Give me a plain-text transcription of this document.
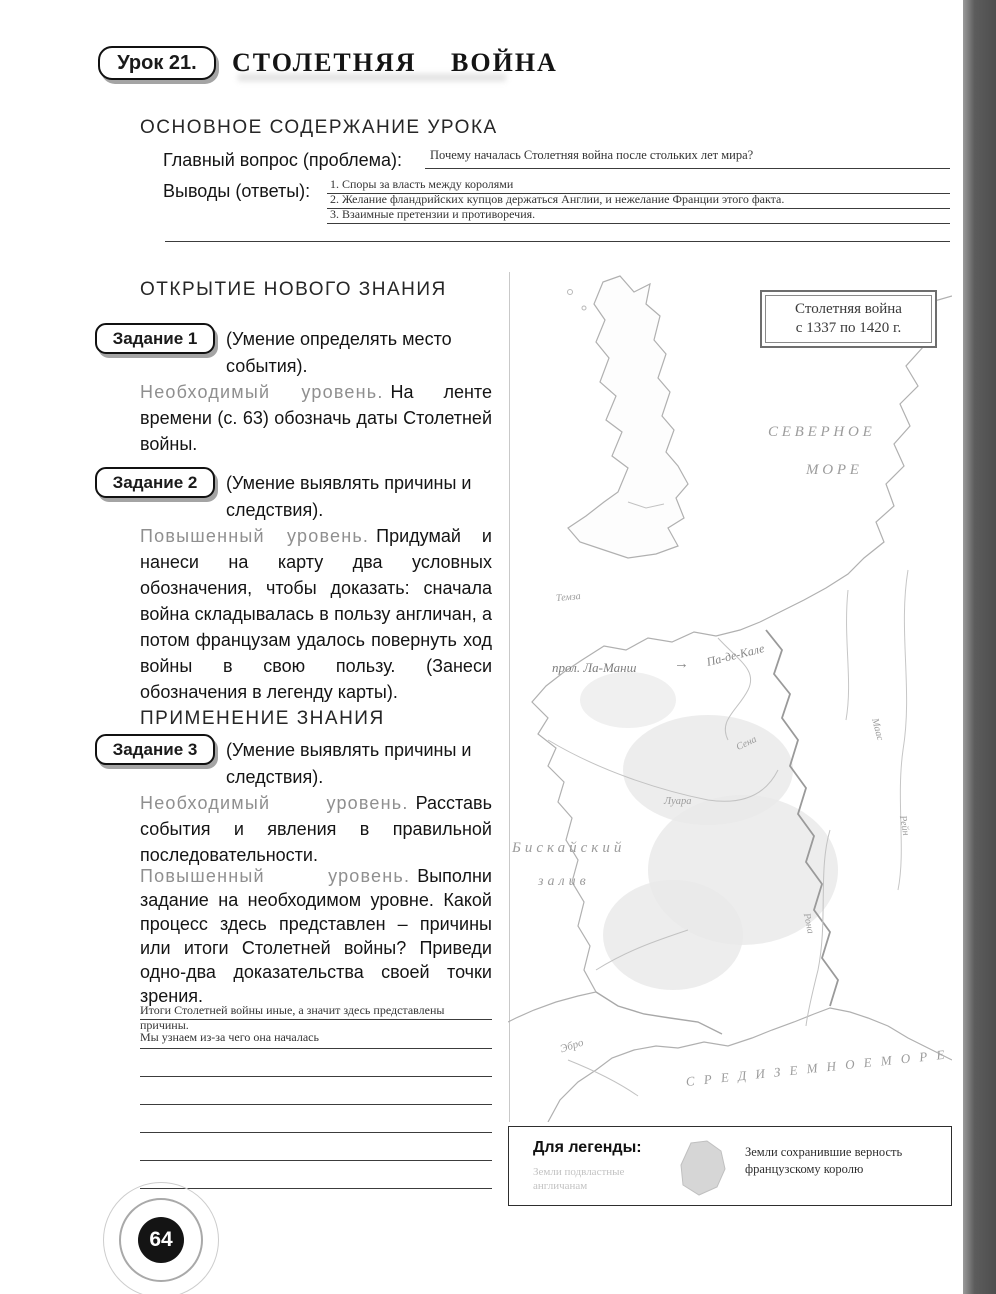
Урок 21. СТОЛЕТНЯЯ ВОЙНА
ОСНОВНОЕ СОДЕРЖАНИЕ УРОКА
Главный вопрос (проблема): Почему началась Столетняя война после стольких лет мира?
Выводы (ответы): 1. Споры за власть между королями
2. Желание фландрийских купцов держаться Англии, и нежелание Франции этого факта.
3. Взаимные претензии и противоречия.
ОТКРЫТИЕ НОВОГО ЗНАНИЯ
Задание 1 (Умение определять место события).

Необходимый уровень. На ленте времени (с. 63) обозначь даты Столетней войны.

Задание 2 (Умение выявлять причины и следствия).

Повышенный уровень. Придумай и нанеси на карту два условных обозначения, чтобы доказать: сначала война складывалась в пользу англичан, а потом французам удалось повернуть ход войны в свою пользу. (Занеси обозначения в легенду карты).

ПРИМЕНЕНИЕ ЗНАНИЯ
Задание 3 (Умение выявлять причины и следствия).

Необходимый уровень. Расставь события и явления в правильной последовательности.

Повышенный уровень. Выполни задание на необходимом уровне. Какой процесс здесь представлен – причины или итоги Столетней войны? Приведи одно-два доказательства своей точки зрения.

Итоги Столетней войны иные, а значит здесь представлены причины.
Мы узнаем из-за чего она началась
Столетняя война
с 1337 по 1420 г.
С Е В Е Р Н О Е
М О Р Е
Темза
прол. Ла-Манш	→ Па-де-Кале
Сена
Луара
Бискайский
залив
Маас
Рейн
Рона
Эбро
С Р Е Д И З Е М Н О Е М О Р Е
Для легенды:
Земли подвластные англичанам
Земли сохранившие верность французскому королю
64
